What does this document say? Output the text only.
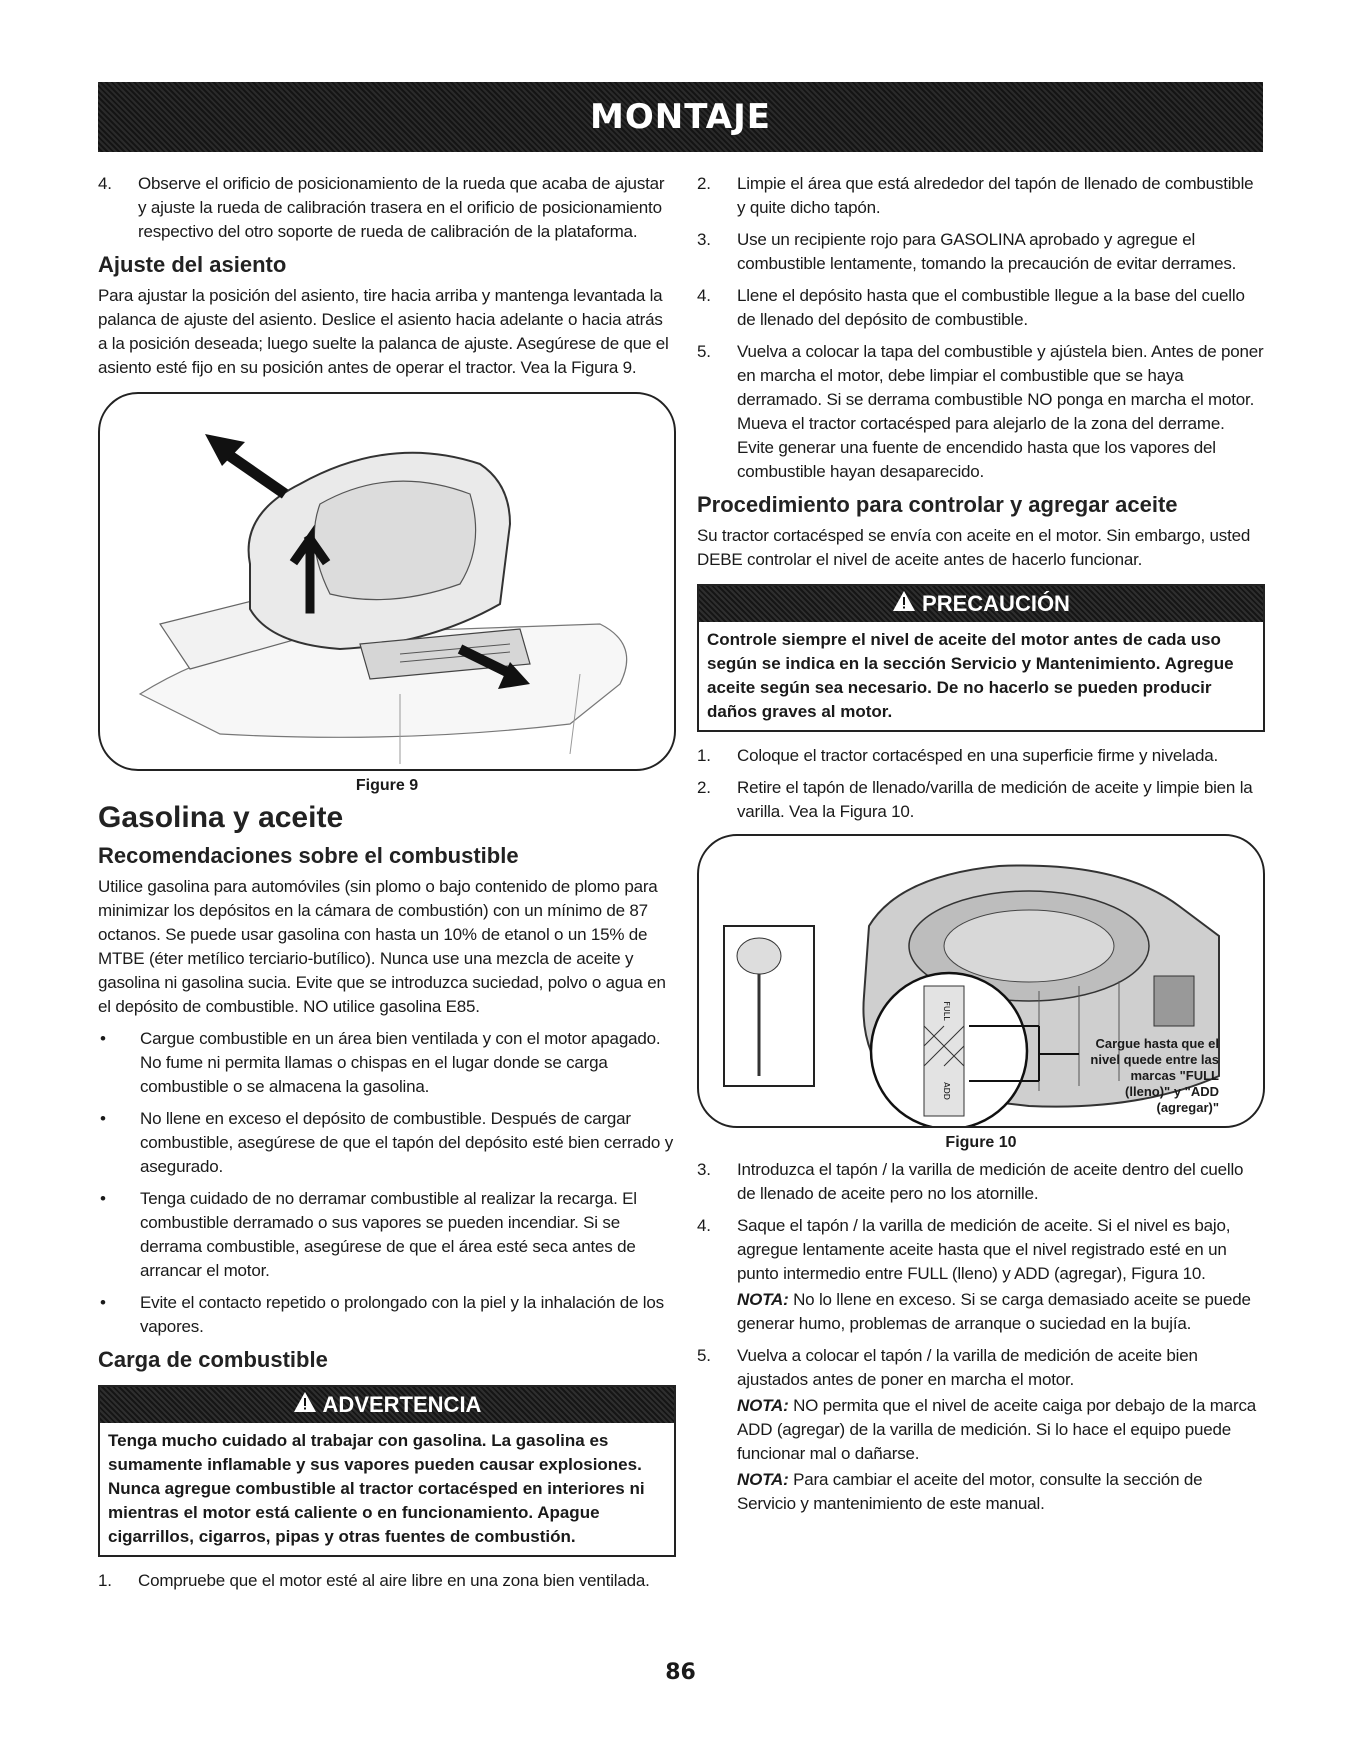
MONTAJE
4.	Observe el orificio de posicionamiento de la rueda que acaba de ajustar y ajuste la rueda de calibración trasera en el orificio de posicionamiento respectivo del otro soporte de rueda de calibración de la plataforma.
Ajuste del asiento

Para ajustar la posición del asiento, tire hacia arriba y mantenga levantada la palanca de ajuste del asiento. Deslice el asiento hacia adelante o hacia atrás a la posición deseada; luego suelte la palanca de ajuste. Asegúrese de que el asiento esté fijo en su posición antes de operar el tractor. Vea la Figura 9.

Figure 9
Gasolina y aceite
Recomendaciones sobre el combustible

Utilice gasolina para automóviles (sin plomo o bajo contenido de plomo para minimizar los depósitos en la cámara de combustión) con un mínimo de 87 octanos. Se puede usar gasolina con hasta un 10% de etanol o un 15% de MTBE (éter metílico terciario-butílico). Nunca use una mezcla de aceite y gasolina ni gasolina sucia. Evite que se introduzca suciedad, polvo o agua en el depósito de combustible. NO utilice gasolina E85.

•	Cargue combustible en un área bien ventilada y con el motor apagado. No fume ni permita llamas o chispas en el lugar donde se carga combustible o se almacena la gasolina.
•	No llene en exceso el depósito de combustible. Después de cargar combustible, asegúrese de que el tapón del depósito esté bien cerrado y asegurado.
•	Tenga cuidado de no derramar combustible al realizar la recarga. El combustible derramado o sus vapores se pueden incendiar. Si se derrama combustible, asegúrese de que el área esté seca antes de arrancar el motor.
•	Evite el contacto repetido o prolongado con la piel y la inhalación de los vapores.
Carga de combustible
ADVERTENCIA
Tenga mucho cuidado al trabajar con gasolina. La gasolina es sumamente inflamable y sus vapores pueden causar explosiones. Nunca agregue combustible al tractor cortacésped en interiores ni mientras el motor está caliente o en funcionamiento. Apague cigarrillos, cigarros, pipas y otras fuentes de combustión.
1.	Compruebe que el motor esté al aire libre en una zona bien ventilada.
2.	Limpie el área que está alrededor del tapón de llenado de combustible y quite dicho tapón.
3.	Use un recipiente rojo para GASOLINA aprobado y agregue el combustible lentamente, tomando la precaución de evitar derrames.
4.	Llene el depósito hasta que el combustible llegue a la base del cuello de llenado del depósito de combustible.
5.	Vuelva a colocar la tapa del combustible y ajústela bien. Antes de poner en marcha el motor, debe limpiar el combustible que se haya derramado. Si se derrama combustible NO ponga en marcha el motor. Mueva el tractor cortacésped para alejarlo de la zona del derrame. Evite generar una fuente de encendido hasta que los vapores del combustible hayan desaparecido.
Procedimiento para controlar y agregar aceite

Su tractor cortacésped se envía con aceite en el motor. Sin embargo, usted DEBE controlar el nivel de aceite antes de hacerlo funcionar.

PRECAUCIÓN
Controle siempre el nivel de aceite del motor antes de cada uso según se indica en la sección Servicio y Mantenimiento. Agregue aceite según sea necesario. De no hacerlo se pueden producir daños graves al motor.
1.	Coloque el tractor cortacésped en una superficie firme y nivelada.
2.	Retire el tapón de llenado/varilla de medición de aceite y limpie bien la varilla. Vea la Figura 10.
FULL
ADD
Cargue hasta que el nivel quede entre las marcas "FULL (lleno)" y "ADD (agregar)"
Figure 10
3.	Introduzca el tapón / la varilla de medición de aceite dentro del cuello de llenado de aceite pero no los atornille.
4.	Saque el tapón / la varilla de medición de aceite. Si el nivel es bajo, agregue lentamente aceite hasta que el nivel registrado esté en un punto intermedio entre FULL (lleno) y ADD (agregar), Figura 10.

NOTA: No lo llene en exceso. Si se carga demasiado aceite se puede generar humo, problemas de arranque o suciedad en la bujía.

5.	Vuelva a colocar el tapón / la varilla de medición de aceite bien ajustados antes de poner en marcha el motor.

NOTA: NO permita que el nivel de aceite caiga por debajo de la marca ADD (agregar) de la varilla de medición. Si lo hace el equipo puede funcionar mal o dañarse.

NOTA: Para cambiar el aceite del motor, consulte la sección de Servicio y mantenimiento de este manual.

86
